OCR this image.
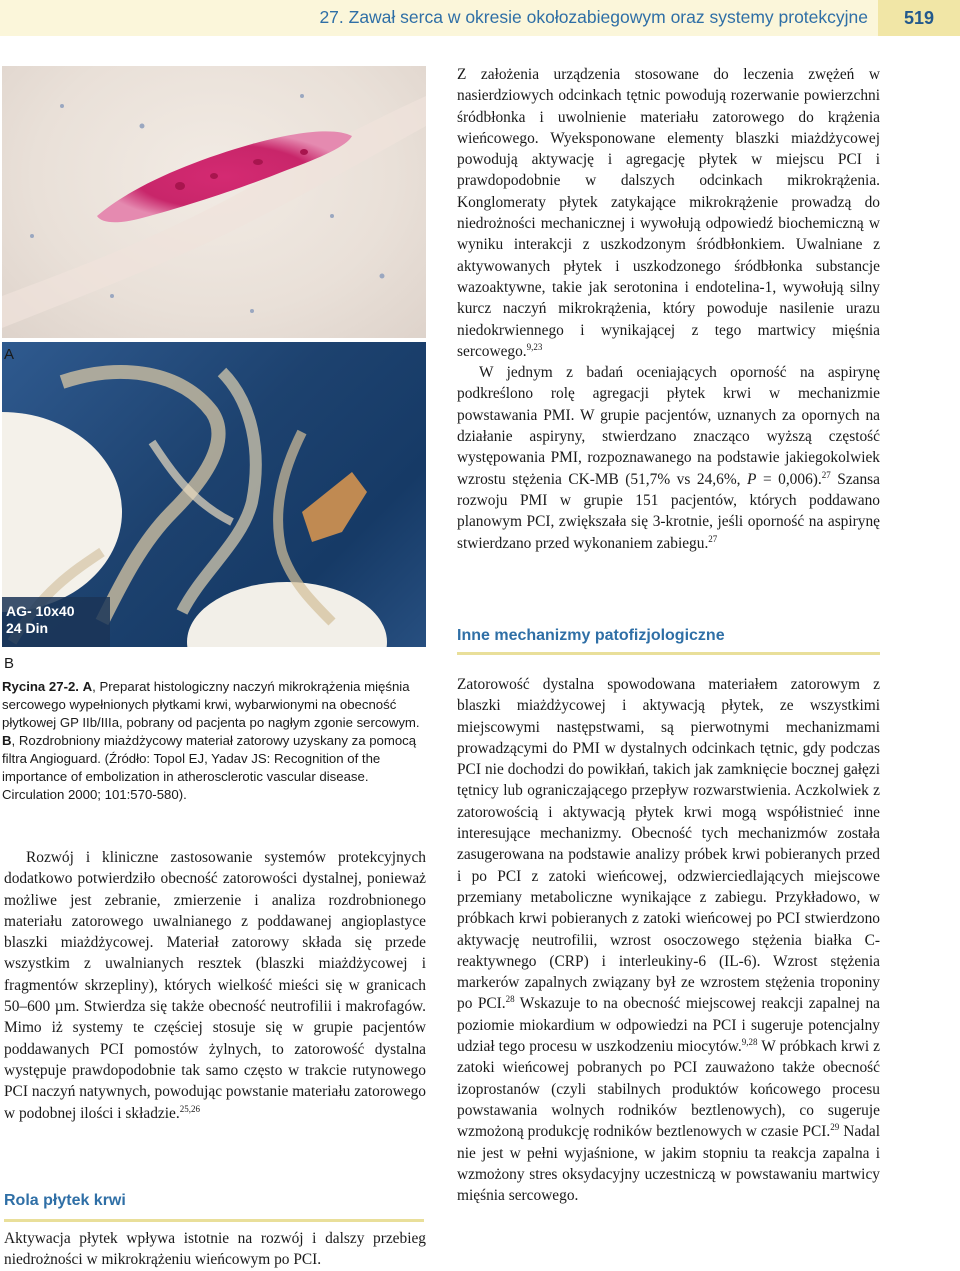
27. Zawał serca w okresie okołozabiegowym oraz systemy protekcyjne	519
A
B
AG- 10x40
24 Din
Rycina 27-2. A, Preparat histologiczny naczyń mikrokrążenia mięśnia sercowego wypełnionych płytkami krwi, wybarwionymi na obecność płytkowej GP IIb/IIIa, pobrany od pacjenta po nagłym zgonie sercowym. B, Rozdrobniony miażdżycowy materiał zatorowy uzyskany za pomocą filtra Angioguard. (Źródło: Topol EJ, Yadav JS: Recognition of the importance of embolization in atherosclerotic vascular disease. Circulation 2000; 101:570-580).

Rozwój i kliniczne zastosowanie systemów protekcyjnych dodatkowo potwierdziło obecność zatorowości dystalnej, ponieważ możliwe jest zebranie, zmierzenie i analiza rozdrobnionego materiału zatorowego uwalnianego z poddawanej angioplastyce blaszki miażdżycowej. Materiał zatorowy składa się przede wszystkim z uwalnianych resztek (blaszki miażdżycowej i fragmentów skrzepliny), których wielkość mieści się w granicach 50–600 µm. Stwierdza się także obecność neutrofilii i makrofagów. Mimo iż systemy te częściej stosuje się w grupie pacjentów poddawanych PCI pomostów żylnych, to zatorowość dystalna występuje prawdopodobnie tak samo często w trakcie rutynowego PCI naczyń natywnych, powodując powstanie materiału zatorowego w podobnej ilości i składzie.$^{25,26}$

Rola płytek krwi

Aktywacja płytek wpływa istotnie na rozwój i dalszy przebieg niedrożności w mikrokrążeniu wieńcowym po PCI.

Z założenia urządzenia stosowane do leczenia zwężeń w nasierdziowych odcinkach tętnic powodują rozerwanie powierzchni śródbłonka i uwolnienie materiału zatorowego do krążenia wieńcowego. Wyeksponowane elementy blaszki miażdżycowej powodują aktywację i agregację płytek w miejscu PCI i prawdopodobnie w dalszych odcinkach mikrokrążenia. Konglomeraty płytek zatykające mikrokrążenie prowadzą do niedrożności mechanicznej i wywołują odpowiedź biochemiczną w wyniku interakcji z uszkodzonym śródbłonkiem. Uwalniane z aktywowanych płytek i uszkodzonego śródbłonka substancje wazoaktywne, takie jak serotonina i endotelina-1, wywołują silny kurcz naczyń mikrokrążenia, który powoduje nasilenie urazu niedokrwiennego i wynikającej z tego martwicy mięśnia sercowego.$^{9,23}$

W jednym z badań oceniających oporność na aspirynę podkreślono rolę agregacji płytek krwi w mechanizmie powstawania PMI. W grupie pacjentów, uznanych za opornych na działanie aspiryny, stwierdzano znacząco wyższą częstość występowania PMI, rozpoznawanego na podstawie jakiegokolwiek wzrostu stężenia CK-MB (51,7% vs 24,6%, P = 0,006).$^{27}$ Szansa rozwoju PMI w grupie 151 pacjentów, których poddawano planowym PCI, zwiększała się 3-krotnie, jeśli oporność na aspirynę stwierdzano przed wykonaniem zabiegu.$^{27}$

Inne mechanizmy patofizjologiczne

Zatorowość dystalna spowodowana materiałem zatorowym z blaszki miażdżycowej i aktywacją płytek, ze wszystkimi miejscowymi następstwami, są pierwotnymi mechanizmami prowadzącymi do PMI w dystalnych odcinkach tętnic, gdy podczas PCI nie dochodzi do powikłań, takich jak zamknięcie bocznej gałęzi tętnicy lub ograniczającego przepływ rozwarstwienia. Aczkolwiek z zatorowością i aktywacją płytek krwi mogą współistnieć inne interesujące mechanizmy. Obecność tych mechanizmów została zasugerowana na podstawie analizy próbek krwi pobieranych przed i po PCI z zatoki wieńcowej, odzwierciedlających miejscowe przemiany metaboliczne wynikające z zabiegu. Przykładowo, w próbkach krwi pobieranych z zatoki wieńcowej po PCI stwierdzono aktywację neutrofilii, wzrost osoczowego stężenia białka C-reaktywnego (CRP) i interleukiny-6 (IL-6). Wzrost stężenia markerów zapalnych związany był ze wzrostem stężenia troponiny po PCI.$^{28}$ Wskazuje to na obecność miejscowej reakcji zapalnej na poziomie miokardium w odpowiedzi na PCI i sugeruje potencjalny udział tego procesu w uszkodzeniu miocytów.$^{9,28}$ W próbkach krwi z zatoki wieńcowej pobranych po PCI zauważono także obecność izoprostanów (czyli stabilnych produktów końcowego procesu powstawania wolnych rodników beztlenowych), co sugeruje wzmożoną produkcję rodników beztlenowych w czasie PCI.$^{29}$ Nadal nie jest w pełni wyjaśnione, w jakim stopniu ta reakcja zapalna i wzmożony stres oksydacyjny uczestniczą w powstawaniu martwicy mięśnia sercowego.
